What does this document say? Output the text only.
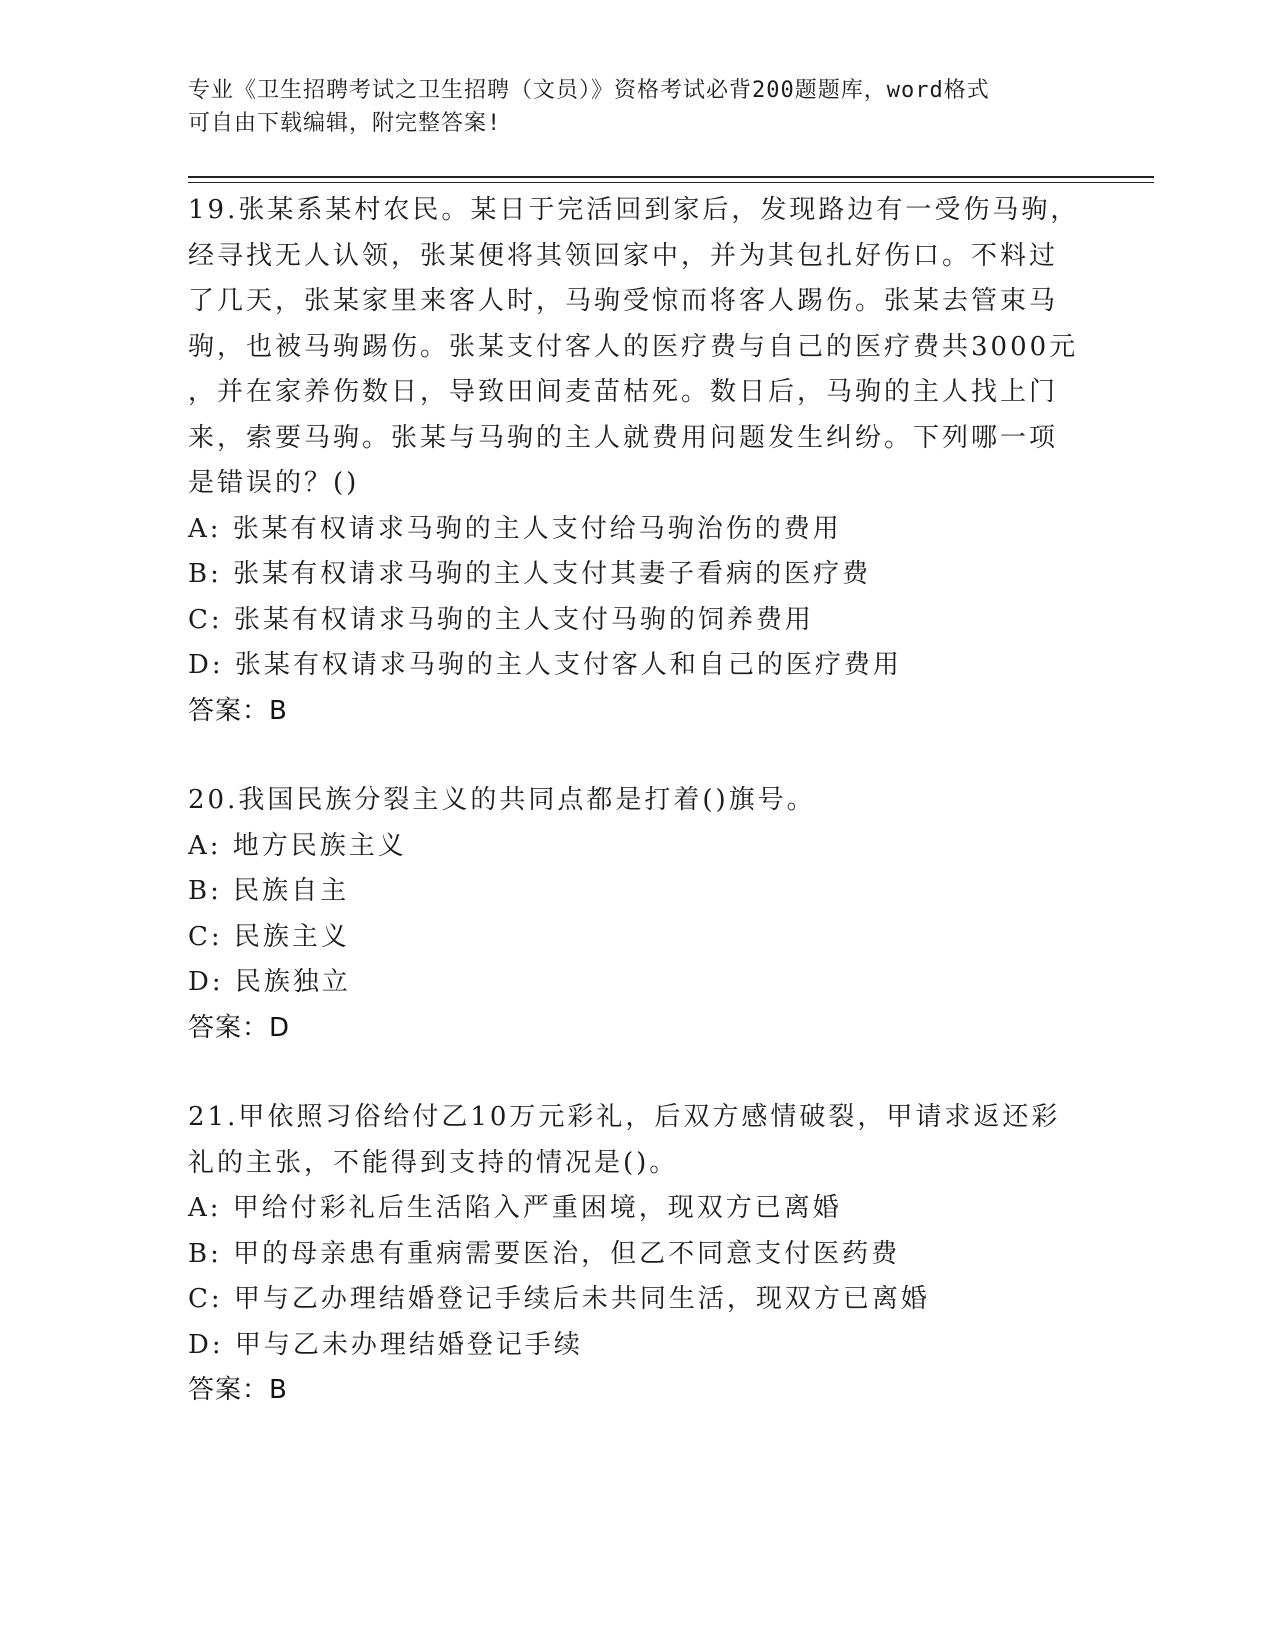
专业《卫生招聘考试之卫生招聘（文员）》资格考试必背200题题库，word格式
可自由下载编辑，附完整答案!
19.张某系某村农民。某日于完活回到家后，发现路边有一受伤马驹，
经寻找无人认领，张某便将其领回家中，并为其包扎好伤口。不料过
了几天，张某家里来客人时，马驹受惊而将客人踢伤。张某去管束马
驹，也被马驹踢伤。张某支付客人的医疗费与自己的医疗费共3000元
，并在家养伤数日，导致田间麦苗枯死。数日后，马驹的主人找上门
来，索要马驹。张某与马驹的主人就费用问题发生纠纷。下列哪一项
是错误的？()
A: 张某有权请求马驹的主人支付给马驹治伤的费用
B: 张某有权请求马驹的主人支付其妻子看病的医疗费
C: 张某有权请求马驹的主人支付马驹的饲养费用
D: 张某有权请求马驹的主人支付客人和自己的医疗费用
答案：B
20.我国民族分裂主义的共同点都是打着()旗号。
A: 地方民族主义
B: 民族自主
C: 民族主义
D: 民族独立
答案：D
21.甲依照习俗给付乙10万元彩礼，后双方感情破裂，甲请求返还彩
礼的主张，不能得到支持的情况是()。
A: 甲给付彩礼后生活陷入严重困境，现双方已离婚
B: 甲的母亲患有重病需要医治，但乙不同意支付医药费
C: 甲与乙办理结婚登记手续后未共同生活，现双方已离婚
D: 甲与乙未办理结婚登记手续
答案：B
